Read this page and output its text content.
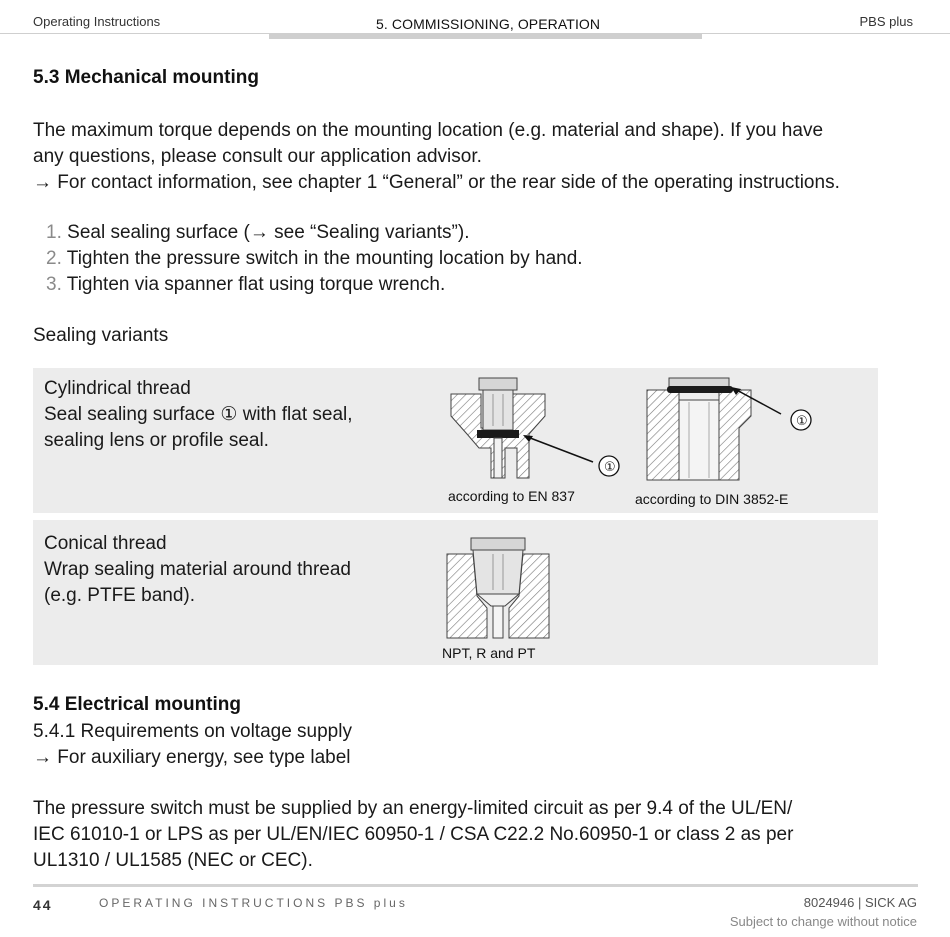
Operating Instructions	5. COMMISSIONING, OPERATION	PBS plus
5.3 Mechanical mounting
The maximum torque depends on the mounting location (e.g. material and shape). If you have
any questions, please consult our application advisor.
→ For contact information, see chapter 1 “General” or the rear side of the operating instructions.
1. Seal sealing surface (→ see “Sealing variants”).
2. Tighten the pressure switch in the mounting location by hand.
3. Tighten via spanner flat using torque wrench.
Sealing variants
Cylindrical thread
Seal sealing surface ① with flat seal,
sealing lens or profile seal.
①
①
according to EN 837	according to DIN 3852-E
Conical thread
Wrap sealing material around thread
(e.g. PTFE band).
NPT, R and PT
5.4 Electrical mounting
5.4.1 Requirements on voltage supply
→ For auxiliary energy, see type label
The pressure switch must be supplied by an energy-limited circuit as per 9.4 of the UL/EN/
IEC 61010-1 or LPS as per UL/EN/IEC 60950-1 / CSA C22.2 No.60950-1 or class 2 as per
UL1310 / UL1585 (NEC or CEC).
44	OPERATING INSTRUCTIONS PBS plus	8024946 | SICK AG
Subject to change without notice
